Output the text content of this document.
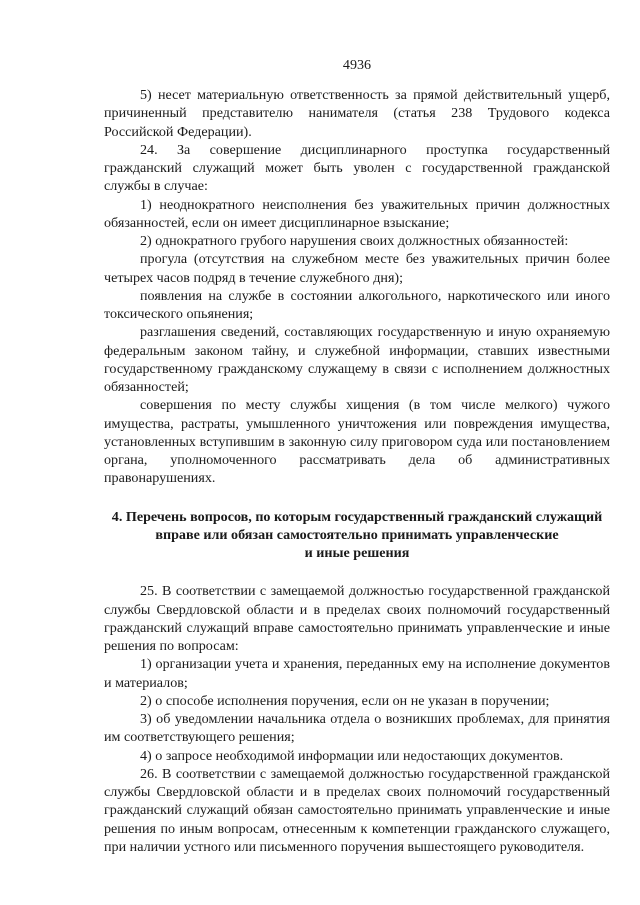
4936

5) несет материальную ответственность за прямой действительный ущерб, причиненный представителю нанимателя (статья 238 Трудового кодекса Российской Федерации).

24. За совершение дисциплинарного проступка государственный гражданский служащий может быть уволен с государственной гражданской службы в случае:

1) неоднократного неисполнения без уважительных причин должностных обязанностей, если он имеет дисциплинарное взыскание;

2) однократного грубого нарушения своих должностных обязанностей:

прогула (отсутствия на служебном месте без уважительных причин более четырех часов подряд в течение служебного дня);

появления на службе в состоянии алкогольного, наркотического или иного токсического опьянения;

разглашения сведений, составляющих государственную и иную охраняемую федеральным законом тайну, и служебной информации, ставших известными государственному гражданскому служащему в связи с исполнением должностных обязанностей;

совершения по месту службы хищения (в том числе мелкого) чужого имущества, растраты, умышленного уничтожения или повреждения имущества, установленных вступившим в законную силу приговором суда или постановлением органа, уполномоченного рассматривать дела об административных правонарушениях.

4. Перечень вопросов, по которым государственный гражданский служащий
вправе или обязан самостоятельно принимать управленческие
и иные решения

25. В соответствии с замещаемой должностью государственной гражданской службы Свердловской области и в пределах своих полномочий государственный гражданский служащий вправе самостоятельно принимать управленческие и иные решения по вопросам:

1) организации учета и хранения, переданных ему на исполнение документов и материалов;

2) о способе исполнения поручения, если он не указан в поручении;

3) об уведомлении начальника отдела о возникших проблемах, для принятия им соответствующего решения;

4) о запросе необходимой информации или недостающих документов.

26. В соответствии с замещаемой должностью государственной гражданской службы Свердловской области и в пределах своих полномочий государственный гражданский служащий обязан самостоятельно принимать управленческие и иные решения по иным вопросам, отнесенным к компетенции гражданского служащего, при наличии устного или письменного поручения вышестоящего руководителя.
